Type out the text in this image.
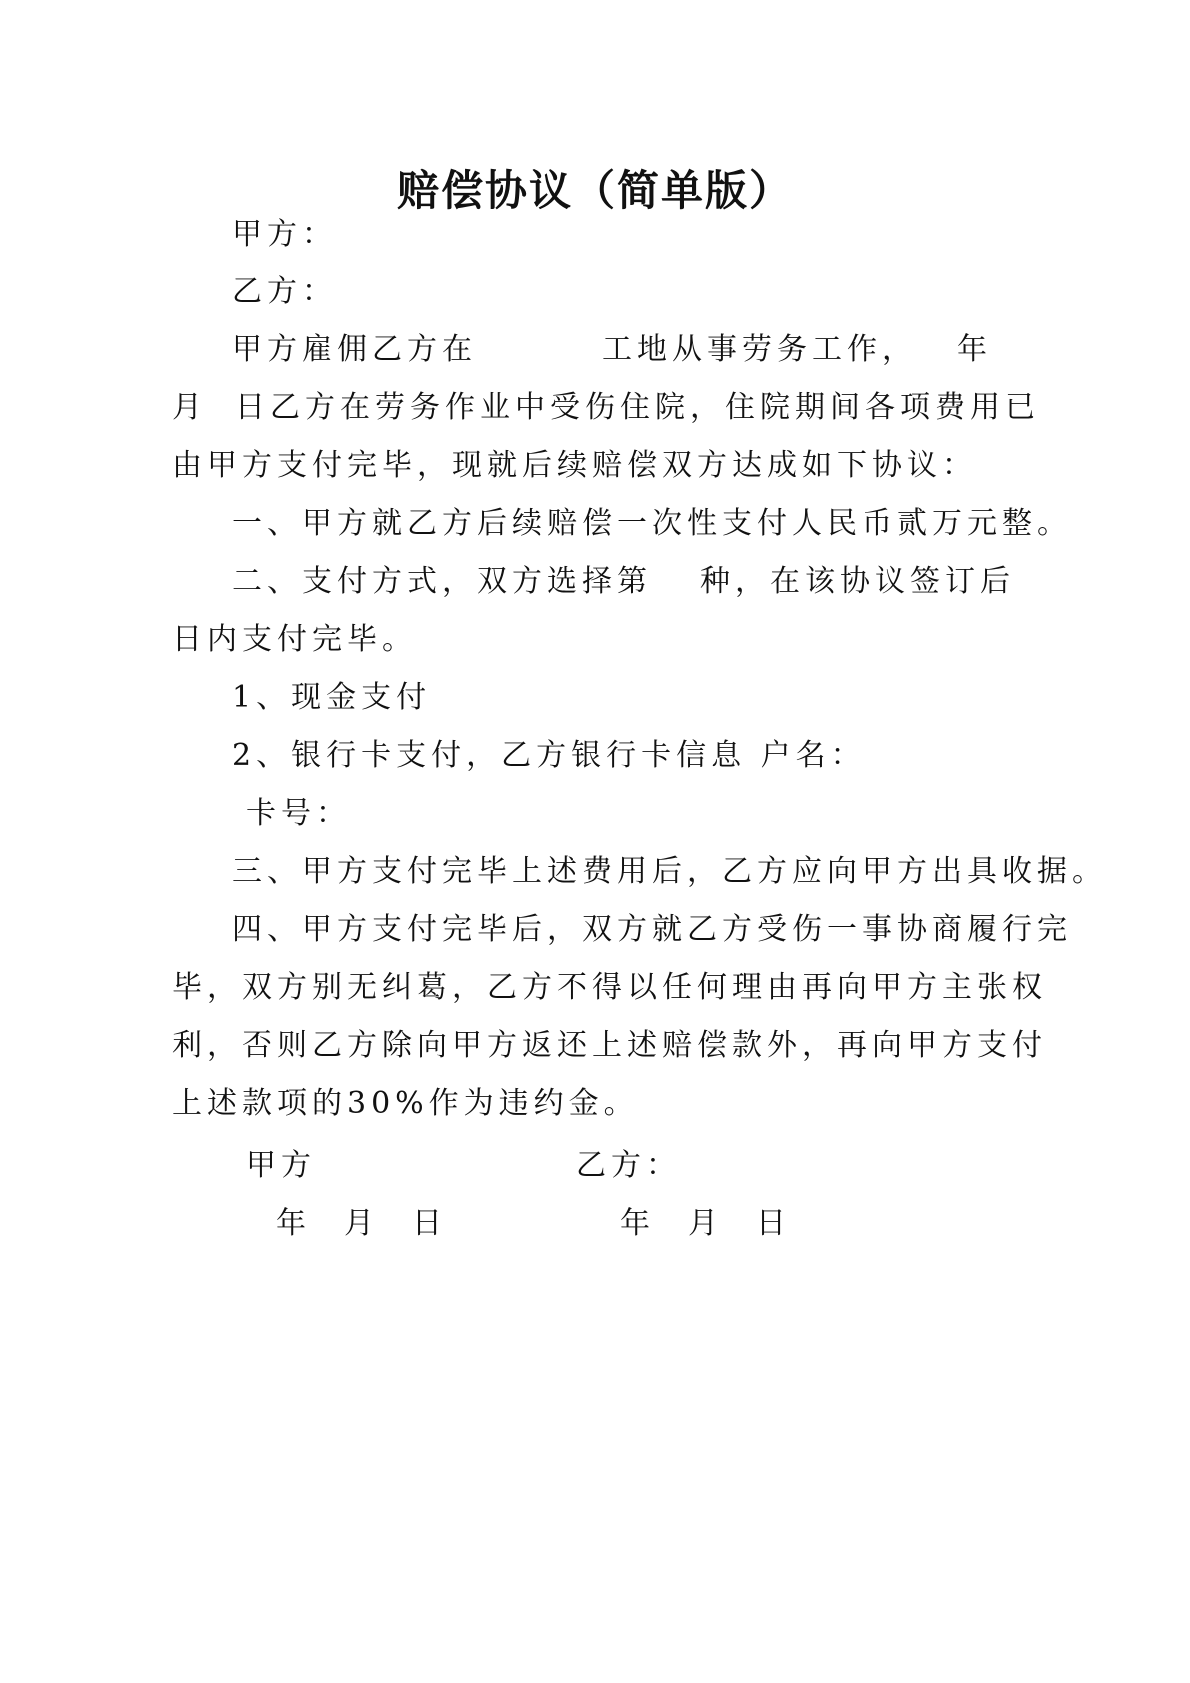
赔偿协议（简单版）
甲方：
乙方：
甲方雇佣乙方在	工地从事劳务工作， 年
月 日乙方在劳务作业中受伤住院，住院期间各项费用已
由甲方支付完毕，现就后续赔偿双方达成如下协议：
一、甲方就乙方后续赔偿一次性支付人民币贰万元整。
二、支付方式，双方选择第 种，在该协议签订后
日内支付完毕。
1、现金支付
2、银行卡支付，乙方银行卡信息 户名：
卡号：
三、甲方支付完毕上述费用后，乙方应向甲方出具收据。
四、甲方支付完毕后，双方就乙方受伤一事协商履行完
毕，双方别无纠葛，乙方不得以任何理由再向甲方主张权
利，否则乙方除向甲方返还上述赔偿款外，再向甲方支付
上述款项的30%作为违约金。
甲方	乙方：
年　月　日	年　月　日
